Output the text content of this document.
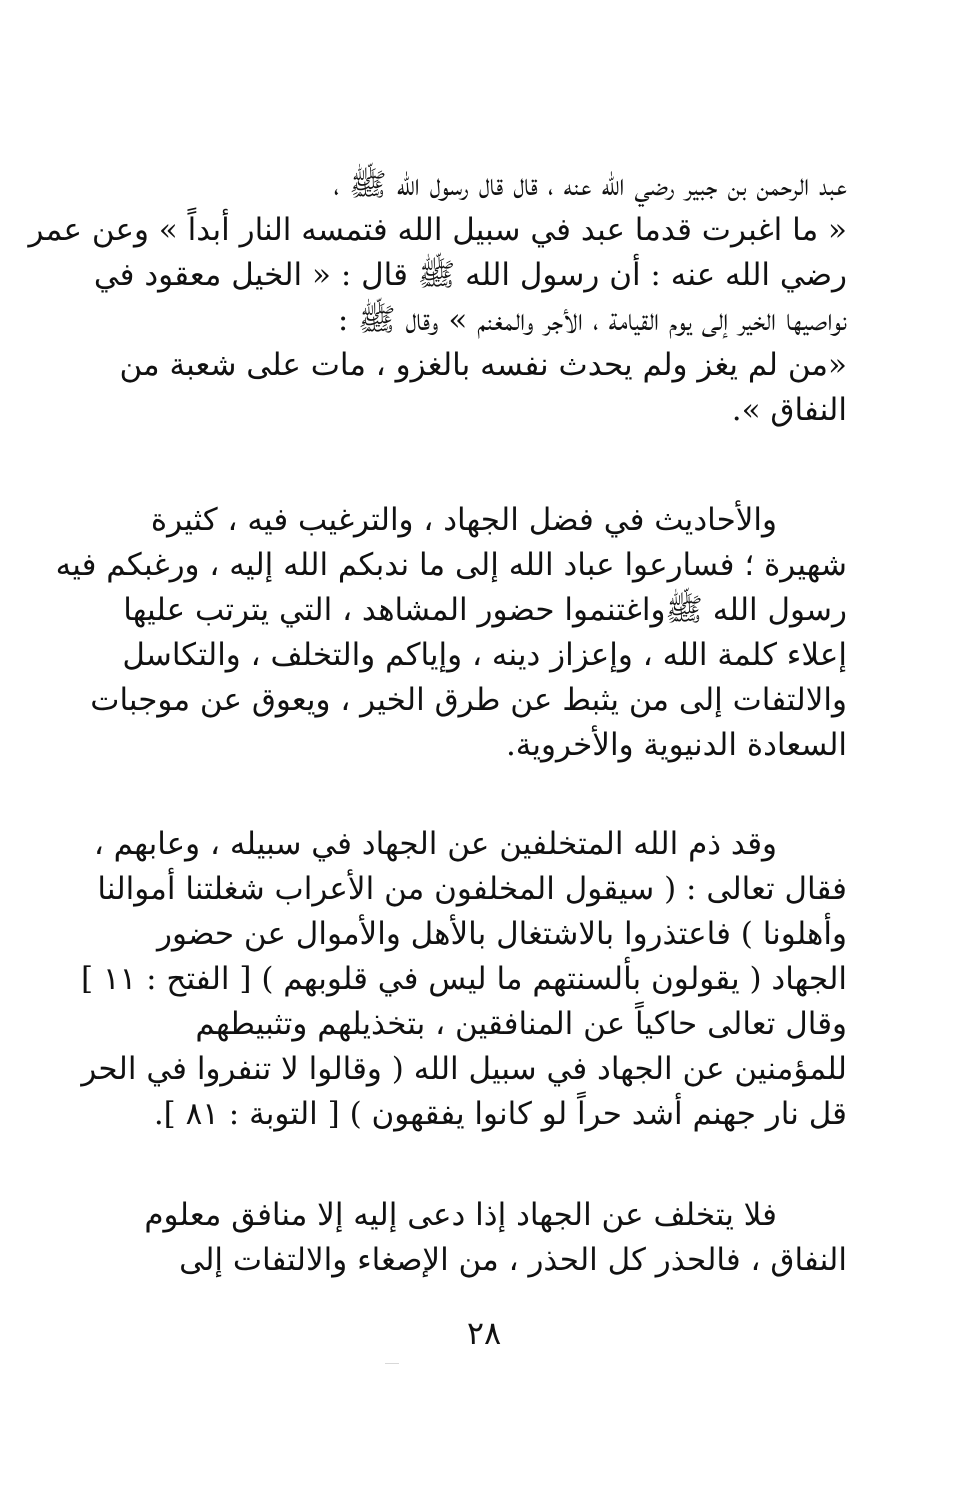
عبد الرحمن بن جبير رضي الله عنه ، قال قال رسول الله ﷺ ،
« ما اغبرت قدما عبد في سبيل الله فتمسه النار أبداً » وعن عمر
رضي الله عنه : أن رسول الله ﷺ قال : « الخيل معقود في
نواصيها الخير إلى يوم القيامة ، الأجر والمغنم » وقال ﷺ :
«من لم يغز ولم يحدث نفسه بالغزو ، مات على شعبة من
النفاق ».
والأحاديث في فضل الجهاد ، والترغيب فيه ، كثيرة
شهيرة ؛ فسارعوا عباد الله إلى ما ندبكم الله إليه ، ورغبكم فيه
رسول الله ﷺواغتنموا حضور المشاهد ، التي يترتب عليها
إعلاء كلمة الله ، وإعزاز دينه ، وإياكم والتخلف ، والتكاسل
والالتفات إلى من يثبط عن طرق الخير ، ويعوق عن موجبات
السعادة الدنيوية والأخروية.
وقد ذم الله المتخلفين عن الجهاد في سبيله ، وعابهم ،
فقال تعالى : ( سيقول المخلفون من الأعراب شغلتنا أموالنا
وأهلونا ) فاعتذروا بالاشتغال بالأهل والأموال عن حضور
الجهاد ( يقولون بألسنتهم ما ليس في قلوبهم ) [ الفتح : ١١ ]
وقال تعالى حاكياً عن المنافقين ، بتخذيلهم وتثبيطهم
للمؤمنين عن الجهاد في سبيل الله ( وقالوا لا تنفروا في الحر
قل نار جهنم أشد حراً لو كانوا يفقهون ) [ التوبة : ٨١ ].
فلا يتخلف عن الجهاد إذا دعى إليه إلا منافق معلوم
النفاق ، فالحذر كل الحذر ، من الإصغاء والالتفات إلى
٢٨
